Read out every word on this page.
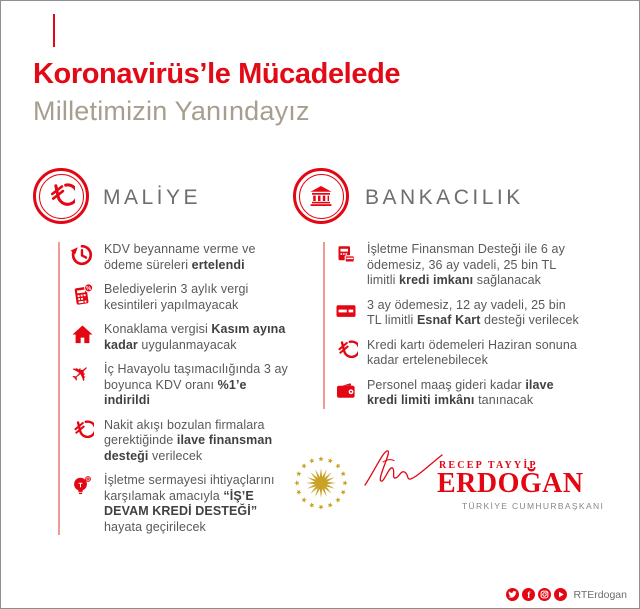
Koronavirüs’le Mücadelede
Milletimizin Yanındayız
MALİYE	BANKACILIK
KDV beyanname verme ve ödeme süreleri ertelendi
% Belediyelerin 3 aylık vergi kesintileri yapılmayacak
Konaklama vergisi Kasım ayına kadar uygulanmayacak
✈ İç Havayolu taşımacılığında 3 ay boyunca KDV oranı %1’e indirildi
Nakit akışı bozulan firmalara gerektiğinde ilave finansman desteği verilecek
İşletme sermayesi ihtiyaçlarını karşılamak amacıyla “İŞ’E DEVAM KREDİ DESTEĞİ” hayata geçirilecek
İşletme Finansman Desteği ile 6 ay ödemesiz, 36 ay vadeli, 25 bin TL limitli kredi imkanı sağlanacak
3 ay ödemesiz, 12 ay vadeli, 25 bin TL limitli Esnaf Kart desteği verilecek
Kredi kartı ödemeleri Haziran sonuna kadar ertelenebilecek
Personel maaş gideri kadar ilave kredi limiti imkânı tanınacak
RECEP TAYYİP
ERDOĞAN
TÜRKİYE CUMHURBAŞKANI
f	RTErdogan
